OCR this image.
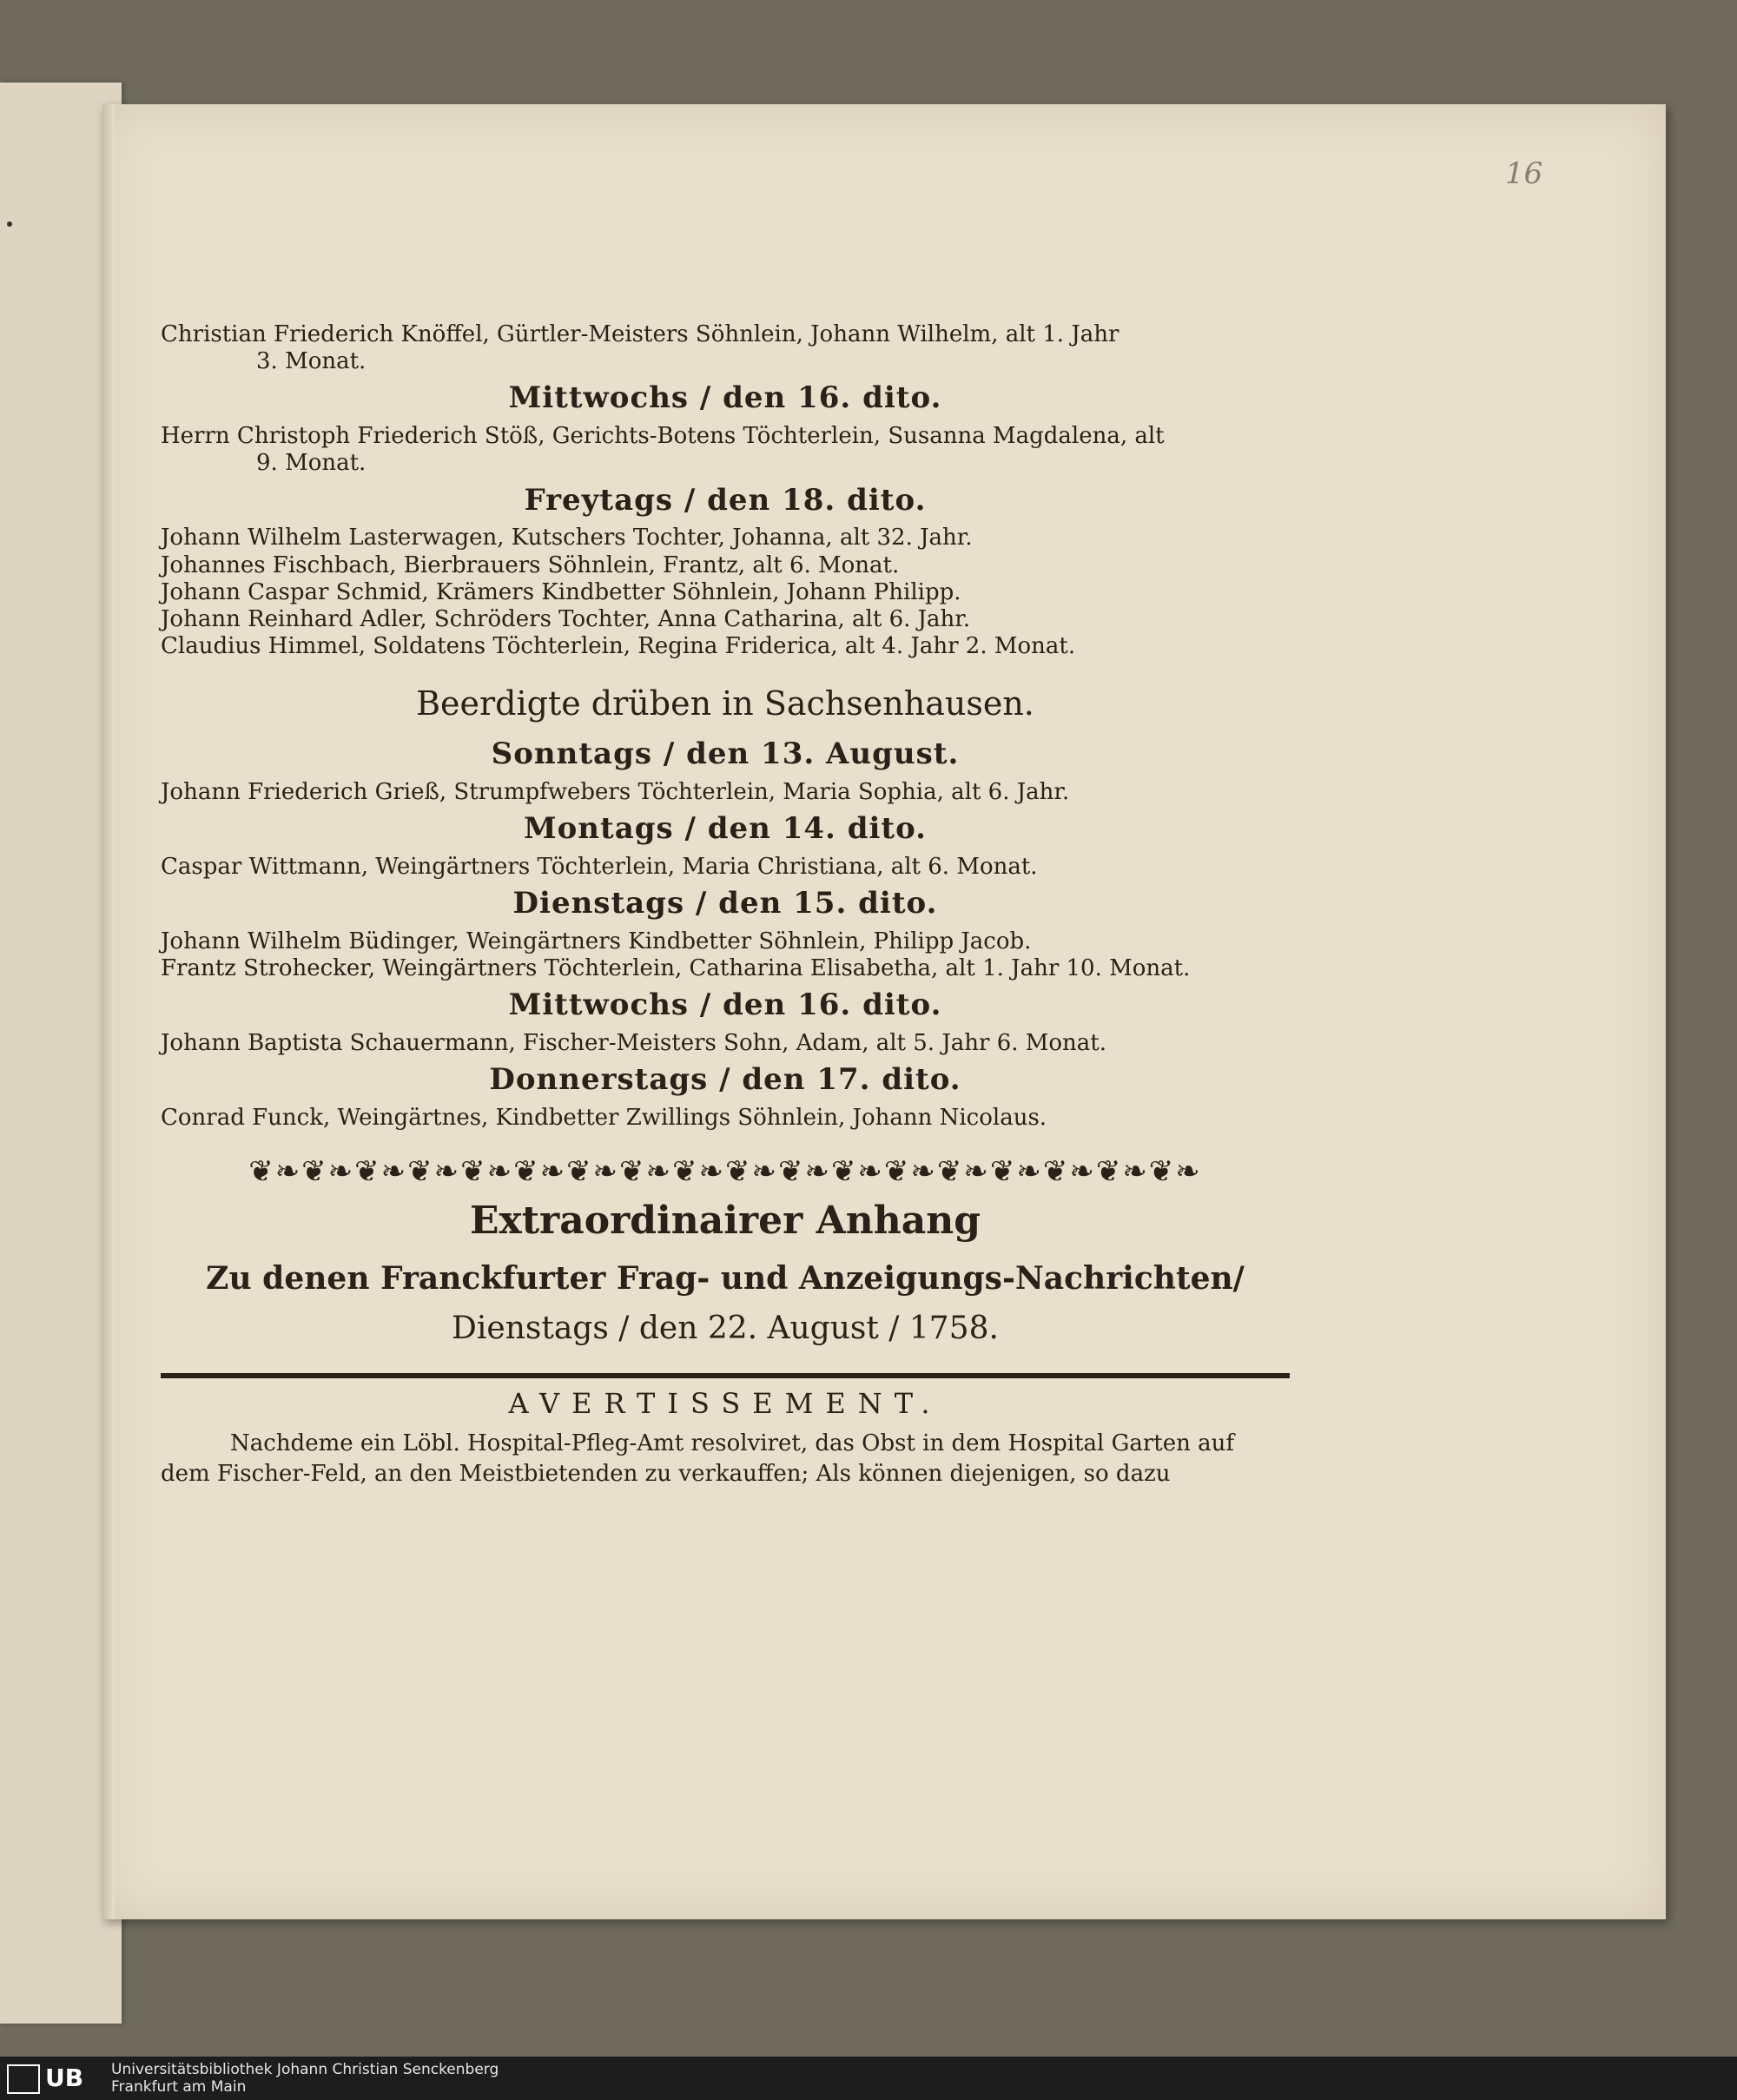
16
Christian Friederich Knöffel, Gürtler-Meisters Söhnlein, Johann Wilhelm, alt 1. Jahr
3. Monat.
Mittwochs / den 16. dito.
Herrn Christoph Friederich Stöß, Gerichts-Botens Töchterlein, Susanna Magdalena, alt
9. Monat.
Freytags / den 18. dito.
Johann Wilhelm Lasterwagen, Kutschers Tochter, Johanna, alt 32. Jahr.
Johannes Fischbach, Bierbrauers Söhnlein, Frantz, alt 6. Monat.
Johann Caspar Schmid, Krämers Kindbetter Söhnlein, Johann Philipp.
Johann Reinhard Adler, Schröders Tochter, Anna Catharina, alt 6. Jahr.
Claudius Himmel, Soldatens Töchterlein, Regina Friderica, alt 4. Jahr 2. Monat.
Beerdigte drüben in Sachsenhausen.
Sonntags / den 13. August.
Johann Friederich Grieß, Strumpfwebers Töchterlein, Maria Sophia, alt 6. Jahr.
Montags / den 14. dito.
Caspar Wittmann, Weingärtners Töchterlein, Maria Christiana, alt 6. Monat.
Dienstags / den 15. dito.
Johann Wilhelm Büdinger, Weingärtners Kindbetter Söhnlein, Philipp Jacob.
Frantz Strohecker, Weingärtners Töchterlein, Catharina Elisabetha, alt 1. Jahr 10. Monat.
Mittwochs / den 16. dito.
Johann Baptista Schauermann, Fischer-Meisters Sohn, Adam, alt 5. Jahr 6. Monat.
Donnerstags / den 17. dito.
Conrad Funck, Weingärtnes, Kindbetter Zwillings Söhnlein, Johann Nicolaus.
❦❧❦❧❦❧❦❧❦❧❦❧❦❧❦❧❦❧❦❧❦❧❦❧❦❧❦❧❦❧❦❧❦❧❦❧
Extraordinairer Anhang
Zu denen Franckfurter Frag- und Anzeigungs-Nachrichten/
Dienstags / den 22. August / 1758.
AVERTISSEMENT.
Nachdeme ein Löbl. Hospital-Pfleg-Amt resolviret, das Obst in dem Hospital Garten auf dem Fischer-Feld, an den Meistbietenden zu verkauffen; Als können diejenigen, so dazu
UB	Universitätsbibliothek Johann Christian Senckenberg
Frankfurt am Main
